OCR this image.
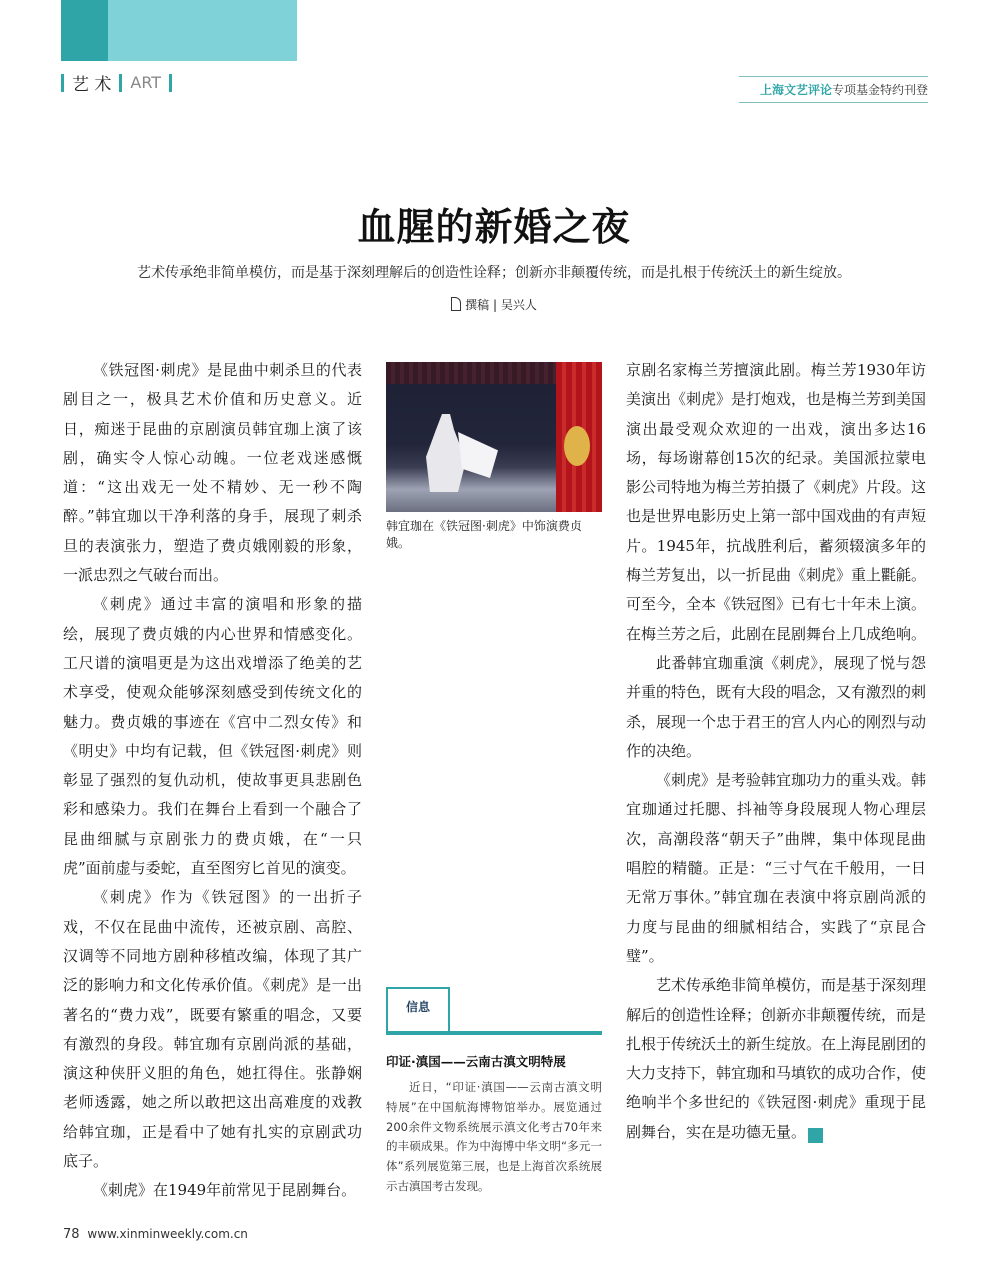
艺 术 ART	上海文艺评论专项基金特约刊登
血腥的新婚之夜
艺术传承绝非简单模仿，而是基于深刻理解后的创造性诠释；创新亦非颠覆传统，而是扎根于传统沃土的新生绽放。
撰稿 | 吴兴人

《铁冠图·刺虎》是昆曲中刺杀旦的代表剧目之一，极具艺术价值和历史意义。近日，痴迷于昆曲的京剧演员韩宜珈上演了该剧，确实令人惊心动魄。一位老戏迷感慨道：“这出戏无一处不精妙、无一秒不陶醉。”韩宜珈以干净利落的身手，展现了刺杀旦的表演张力，塑造了费贞娥刚毅的形象，一派忠烈之气破台而出。

《刺虎》通过丰富的演唱和形象的描绘，展现了费贞娥的内心世界和情感变化。工尺谱的演唱更是为这出戏增添了绝美的艺术享受，使观众能够深刻感受到传统文化的魅力。费贞娥的事迹在《宫中二烈女传》和《明史》中均有记载，但《铁冠图·刺虎》则彰显了强烈的复仇动机，使故事更具悲剧色彩和感染力。我们在舞台上看到一个融合了昆曲细腻与京剧张力的费贞娥，在“一只虎”面前虚与委蛇，直至图穷匕首见的演变。

《刺虎》作为《铁冠图》的一出折子戏，不仅在昆曲中流传，还被京剧、高腔、汉调等不同地方剧种移植改编，体现了其广泛的影响力和文化传承价值。《刺虎》是一出著名的“费力戏”，既要有繁重的唱念，又要有激烈的身段。韩宜珈有京剧尚派的基础，演这种侠肝义胆的角色，她扛得住。张静娴老师透露，她之所以敢把这出高难度的戏教给韩宜珈，正是看中了她有扎实的京剧武功底子。

《刺虎》在1949年前常见于昆剧舞台。

韩宜珈在《铁冠图·刺虎》中饰演费贞娥。
信息
印证·滇国——云南古滇文明特展

近日，“印证·滇国——云南古滇文明特展”在中国航海博物馆举办。展览通过200余件文物系统展示滇文化考古70年来的丰硕成果。作为中海博中华文明“多元一体”系列展览第三展，也是上海首次系统展示古滇国考古发现。

京剧名家梅兰芳擅演此剧。梅兰芳1930年访美演出《刺虎》是打炮戏，也是梅兰芳到美国演出最受观众欢迎的一出戏，演出多达16场，每场谢幕创15次的纪录。美国派拉蒙电影公司特地为梅兰芳拍摄了《刺虎》片段。这也是世界电影历史上第一部中国戏曲的有声短片。1945年，抗战胜利后，蓄须辍演多年的梅兰芳复出，以一折昆曲《刺虎》重上氍毹。可至今，全本《铁冠图》已有七十年未上演。在梅兰芳之后，此剧在昆剧舞台上几成绝响。

此番韩宜珈重演《刺虎》，展现了悦与怨并重的特色，既有大段的唱念，又有激烈的刺杀，展现一个忠于君王的宫人内心的刚烈与动作的决绝。

《刺虎》是考验韩宜珈功力的重头戏。韩宜珈通过托腮、抖袖等身段展现人物心理层次，高潮段落“朝天子”曲牌，集中体现昆曲唱腔的精髓。正是：“三寸气在千般用，一日无常万事休。”韩宜珈在表演中将京剧尚派的力度与昆曲的细腻相结合，实践了“京昆合璧”。

艺术传承绝非简单模仿，而是基于深刻理解后的创造性诠释；创新亦非颠覆传统，而是扎根于传统沃土的新生绽放。在上海昆剧团的大力支持下，韩宜珈和马填钦的成功合作，使绝响半个多世纪的《铁冠图·刺虎》重现于昆剧舞台，实在是功德无量。	民

78 www.xinminweekly.com.cn
